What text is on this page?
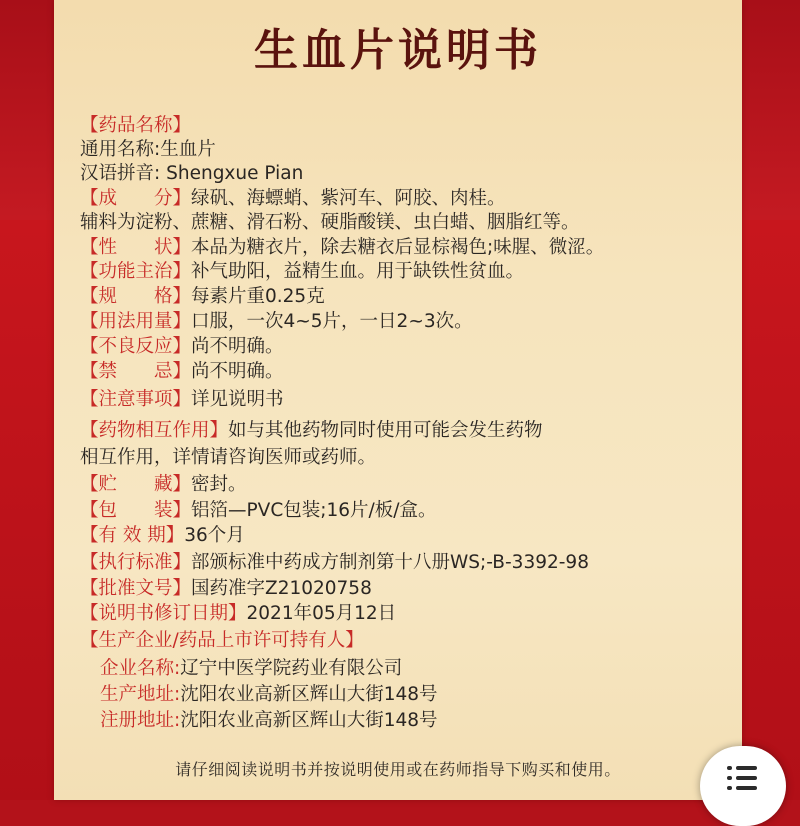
生血片说明书
【药品名称】
通用名称:生血片
汉语拼音: Shengxue Pian
【成　　分】绿矾、海螵蛸、紫河车、阿胶、肉桂。
辅料为淀粉、蔗糖、滑石粉、硬脂酸镁、虫白蜡、胭脂红等。
【性　　状】本品为糖衣片，除去糖衣后显棕褐色;味腥、微涩。
【功能主治】补气助阳，益精生血。用于缺铁性贫血。
【规　　格】每素片重0.25克
【用法用量】口服，一次4~5片，一日2~3次。
【不良反应】尚不明确。
【禁　　忌】尚不明确。
【注意事项】详见说明书
【药物相互作用】如与其他药物同时使用可能会发生药物
相互作用，详情请咨询医师或药师。
【贮　　藏】密封。
【包　　装】铝箔—PVC包装;16片/板/盒。
【有 效 期】36个月
【执行标准】部颁标准中药成方制剂第十八册WS;-B-3392-98
【批准文号】国药准字Z21020758
【说明书修订日期】2021年05月12日
【生产企业/药品上市许可持有人】
企业名称:辽宁中医学院药业有限公司
生产地址:沈阳农业高新区辉山大街148号
注册地址:沈阳农业高新区辉山大街148号
请仔细阅读说明书并按说明使用或在药师指导下购买和使用。
